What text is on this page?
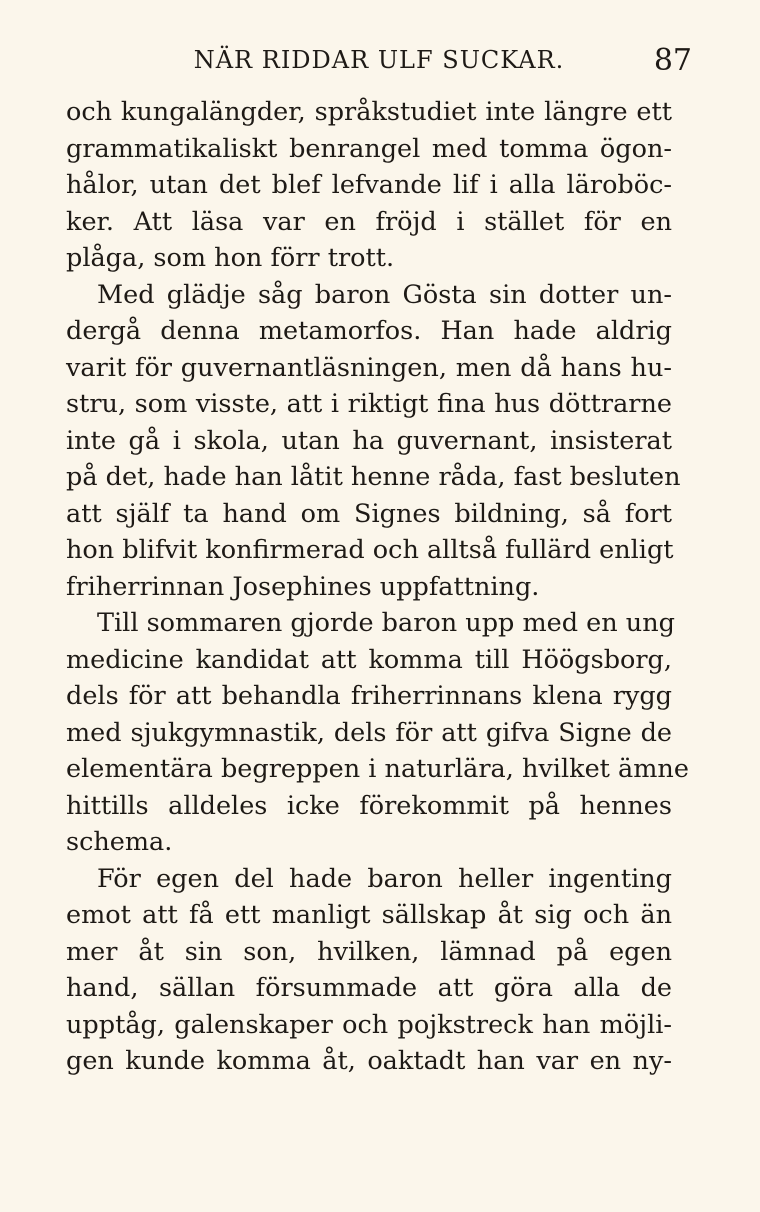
NÄR RIDDAR ULF SUCKAR.	87
och kungalängder, språkstudiet inte längre ett
grammatikaliskt benrangel med tomma ögon-
hålor, utan det blef lefvande lif i alla läroböc-
ker. Att läsa var en fröjd i stället för en
plåga, som hon förr trott.
Med glädje såg baron Gösta sin dotter un-
dergå denna metamorfos. Han hade aldrig
varit för guvernantläsningen, men då hans hu-
stru, som visste, att i riktigt fina hus döttrarne
inte gå i skola, utan ha guvernant, insisterat
på det, hade han låtit henne råda, fast besluten
att själf ta hand om Signes bildning, så fort
hon blifvit konfirmerad och alltså fullärd enligt
friherrinnan Josephines uppfattning.
Till sommaren gjorde baron upp med en ung
medicine kandidat att komma till Höögsborg,
dels för att behandla friherrinnans klena rygg
med sjukgymnastik, dels för att gifva Signe de
elementära begreppen i naturlära, hvilket ämne
hittills alldeles icke förekommit på hennes
schema.
För egen del hade baron heller ingenting
emot att få ett manligt sällskap åt sig och än
mer åt sin son, hvilken, lämnad på egen
hand, sällan försummade att göra alla de
upptåg, galenskaper och pojkstreck han möjli-
gen kunde komma åt, oaktadt han var en ny-
